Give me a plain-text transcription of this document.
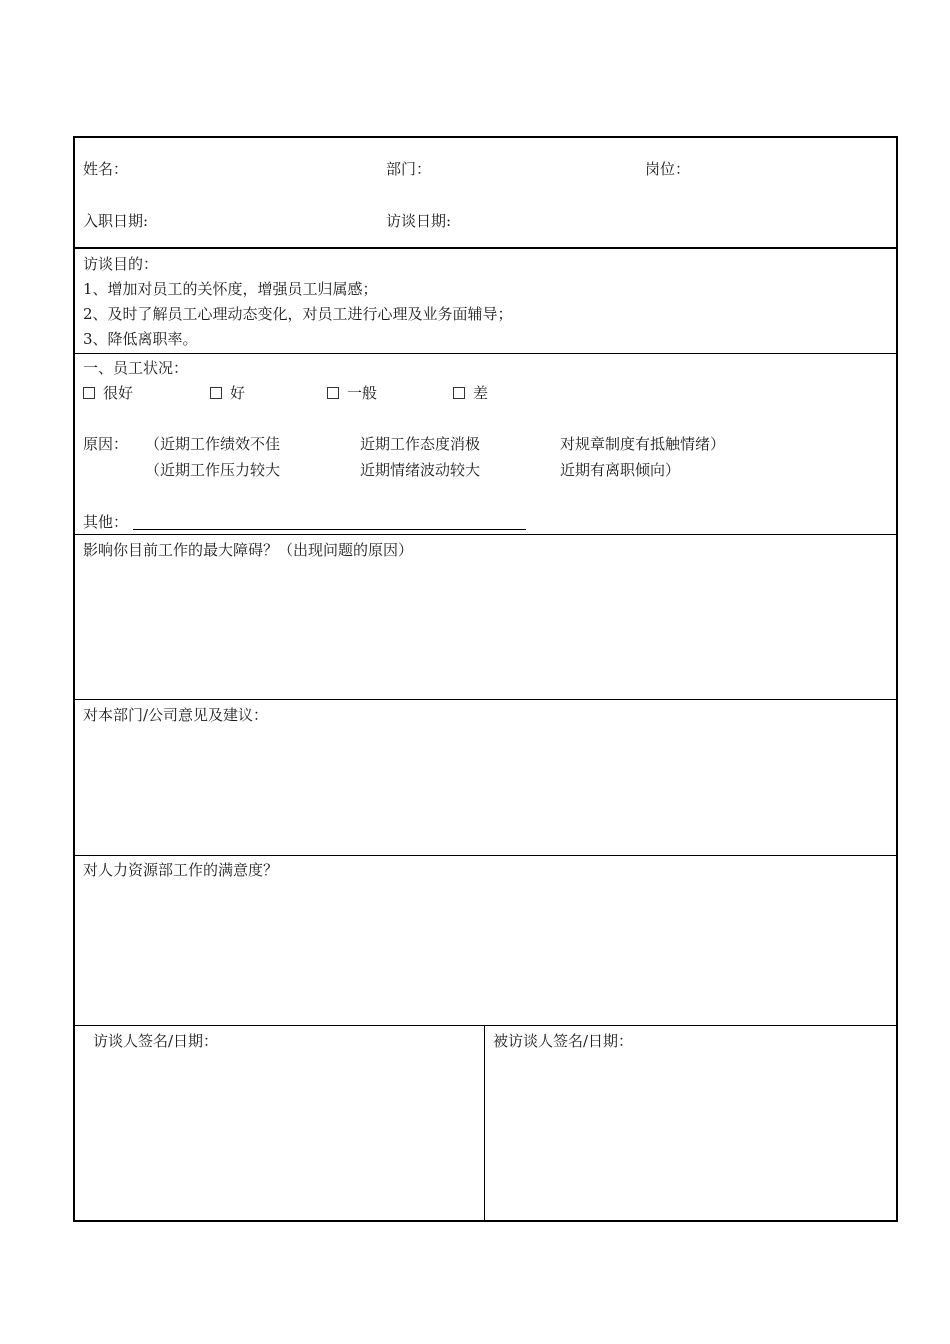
姓名：	部门：	岗位：
入职日期:	访谈日期:
访谈目的：
1、增加对员工的关怀度，增强员工归属感；
2、及时了解员工心理动态变化，对员工进行心理及业务面辅导；
3、降低离职率。
一、员工状况：
很好	好	一般	差
原因： （近期工作绩效不佳	近期工作态度消极	对规章制度有抵触情绪）
（近期工作压力较大	近期情绪波动较大	近期有离职倾向）
其他：
影响你目前工作的最大障碍？（出现问题的原因）
对本部门/公司意见及建议：
对人力资源部工作的满意度？
访谈人签名/日期：	被访谈人签名/日期：
